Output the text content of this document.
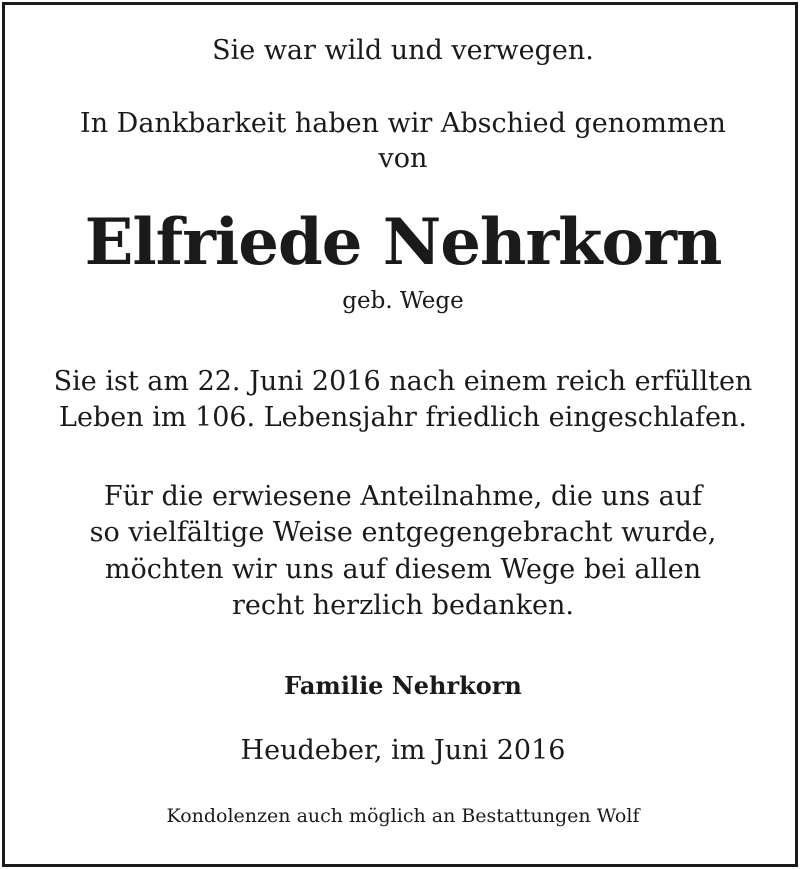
Sie war wild und verwegen.
In Dankbarkeit haben wir Abschied genommen
von
Elfriede Nehrkorn
geb. Wege
Sie ist am 22. Juni 2016 nach einem reich erfüllten
Leben im 106. Lebensjahr friedlich eingeschlafen.
Für die erwiesene Anteilnahme, die uns auf
so vielfältige Weise entgegengebracht wurde,
möchten wir uns auf diesem Wege bei allen
recht herzlich bedanken.
Familie Nehrkorn
Heudeber, im Juni 2016
Kondolenzen auch möglich an Bestattungen Wolf
